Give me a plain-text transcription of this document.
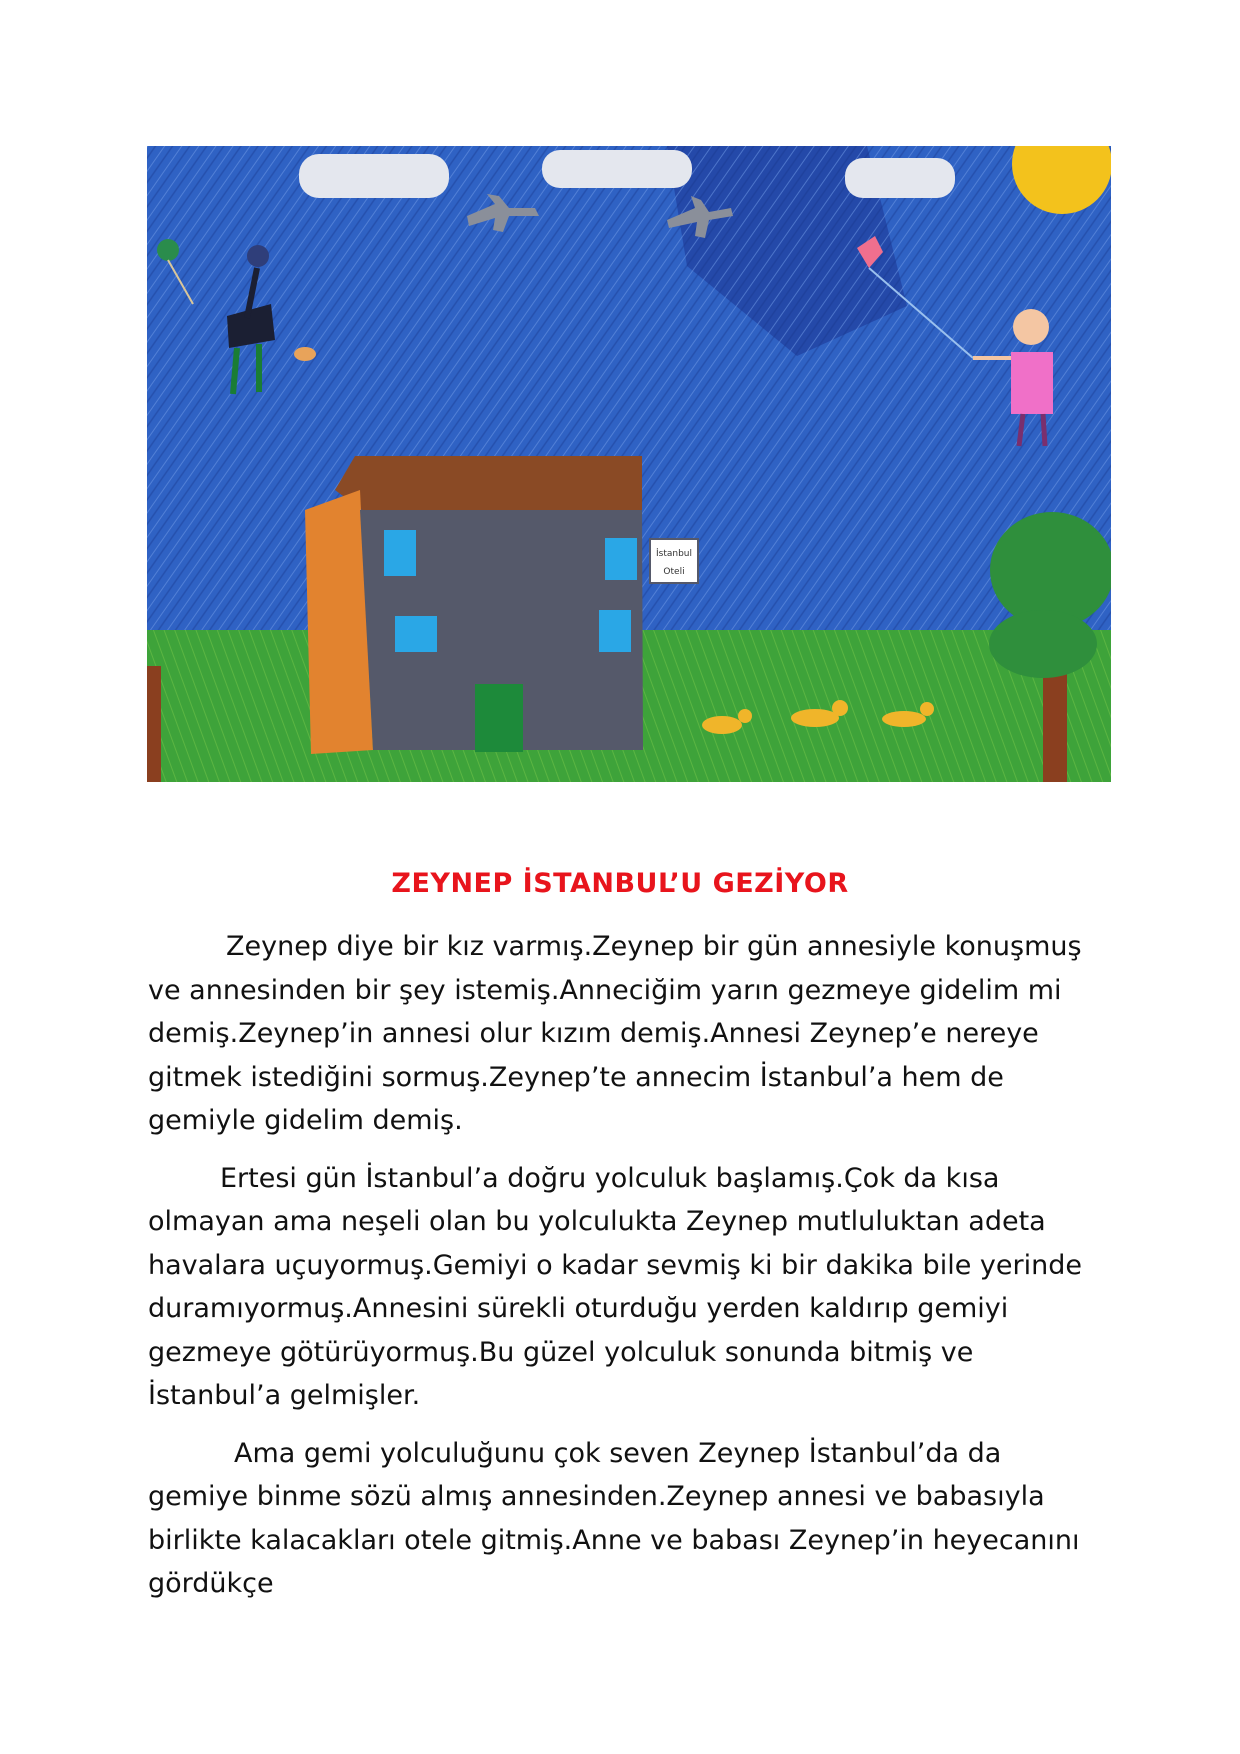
İstanbul
Oteli
ZEYNEP İSTANBUL’U GEZİYOR

Zeynep diye bir kız varmış.Zeynep bir gün annesiyle konuşmuş ve annesinden bir şey istemiş.Anneciğim yarın gezmeye gidelim mi demiş.Zeynep’in annesi olur kızım demiş.Annesi Zeynep’e nereye gitmek istediğini sormuş.Zeynep’te annecim İstanbul’a hem de gemiyle gidelim demiş.

Ertesi gün İstanbul’a doğru yolculuk başlamış.Çok da kısa olmayan ama neşeli olan bu yolculukta Zeynep mutluluktan adeta havalara uçuyormuş.Gemiyi o kadar sevmiş ki bir dakika bile yerinde duramıyormuş.Annesini sürekli oturduğu yerden kaldırıp gemiyi gezmeye götürüyormuş.Bu güzel yolculuk sonunda bitmiş ve İstanbul’a gelmişler.

Ama gemi yolculuğunu çok seven Zeynep İstanbul’da da gemiye binme sözü almış annesinden.Zeynep annesi ve babasıyla birlikte kalacakları otele gitmiş.Anne ve babası Zeynep’in heyecanını gördükçe
